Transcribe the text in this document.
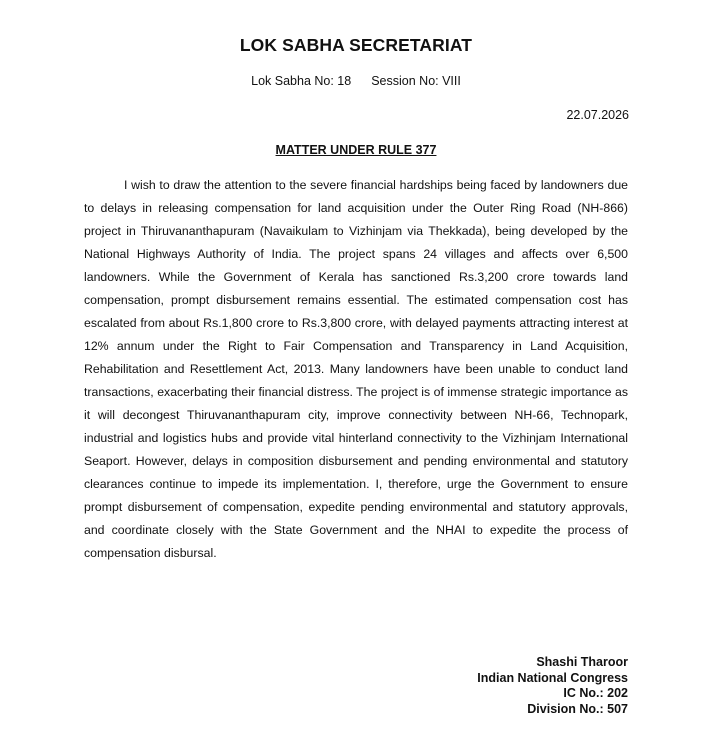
LOK SABHA SECRETARIAT
Lok Sabha No: 18 Session No: VIII
22.07.2026
MATTER UNDER RULE 377

I wish to draw the attention to the severe financial hardships being faced by landowners due to delays in releasing compensation for land acquisition under the Outer Ring Road (NH-866) project in Thiruvananthapuram (Navaikulam to Vizhinjam via Thekkada), being developed by the National Highways Authority of India. The project spans 24 villages and affects over 6,500 landowners. While the Government of Kerala has sanctioned Rs.3,200 crore towards land compensation, prompt disbursement remains essential. The estimated compensation cost has escalated from about Rs.1,800 crore to Rs.3,800 crore, with delayed payments attracting interest at 12% annum under the Right to Fair Compensation and Transparency in Land Acquisition, Rehabilitation and Resettlement Act, 2013. Many landowners have been unable to conduct land transactions, exacerbating their financial distress. The project is of immense strategic importance as it will decongest Thiruvananthapuram city, improve connectivity between NH-66, Technopark, industrial and logistics hubs and provide vital hinterland connectivity to the Vizhinjam International Seaport. However, delays in composition disbursement and pending environmental and statutory clearances continue to impede its implementation. I, therefore, urge the Government to ensure prompt disbursement of compensation, expedite pending environmental and statutory approvals, and coordinate closely with the State Government and the NHAI to expedite the process of compensation disbursal.

Shashi Tharoor
Indian National Congress
IC No.: 202
Division No.: 507
